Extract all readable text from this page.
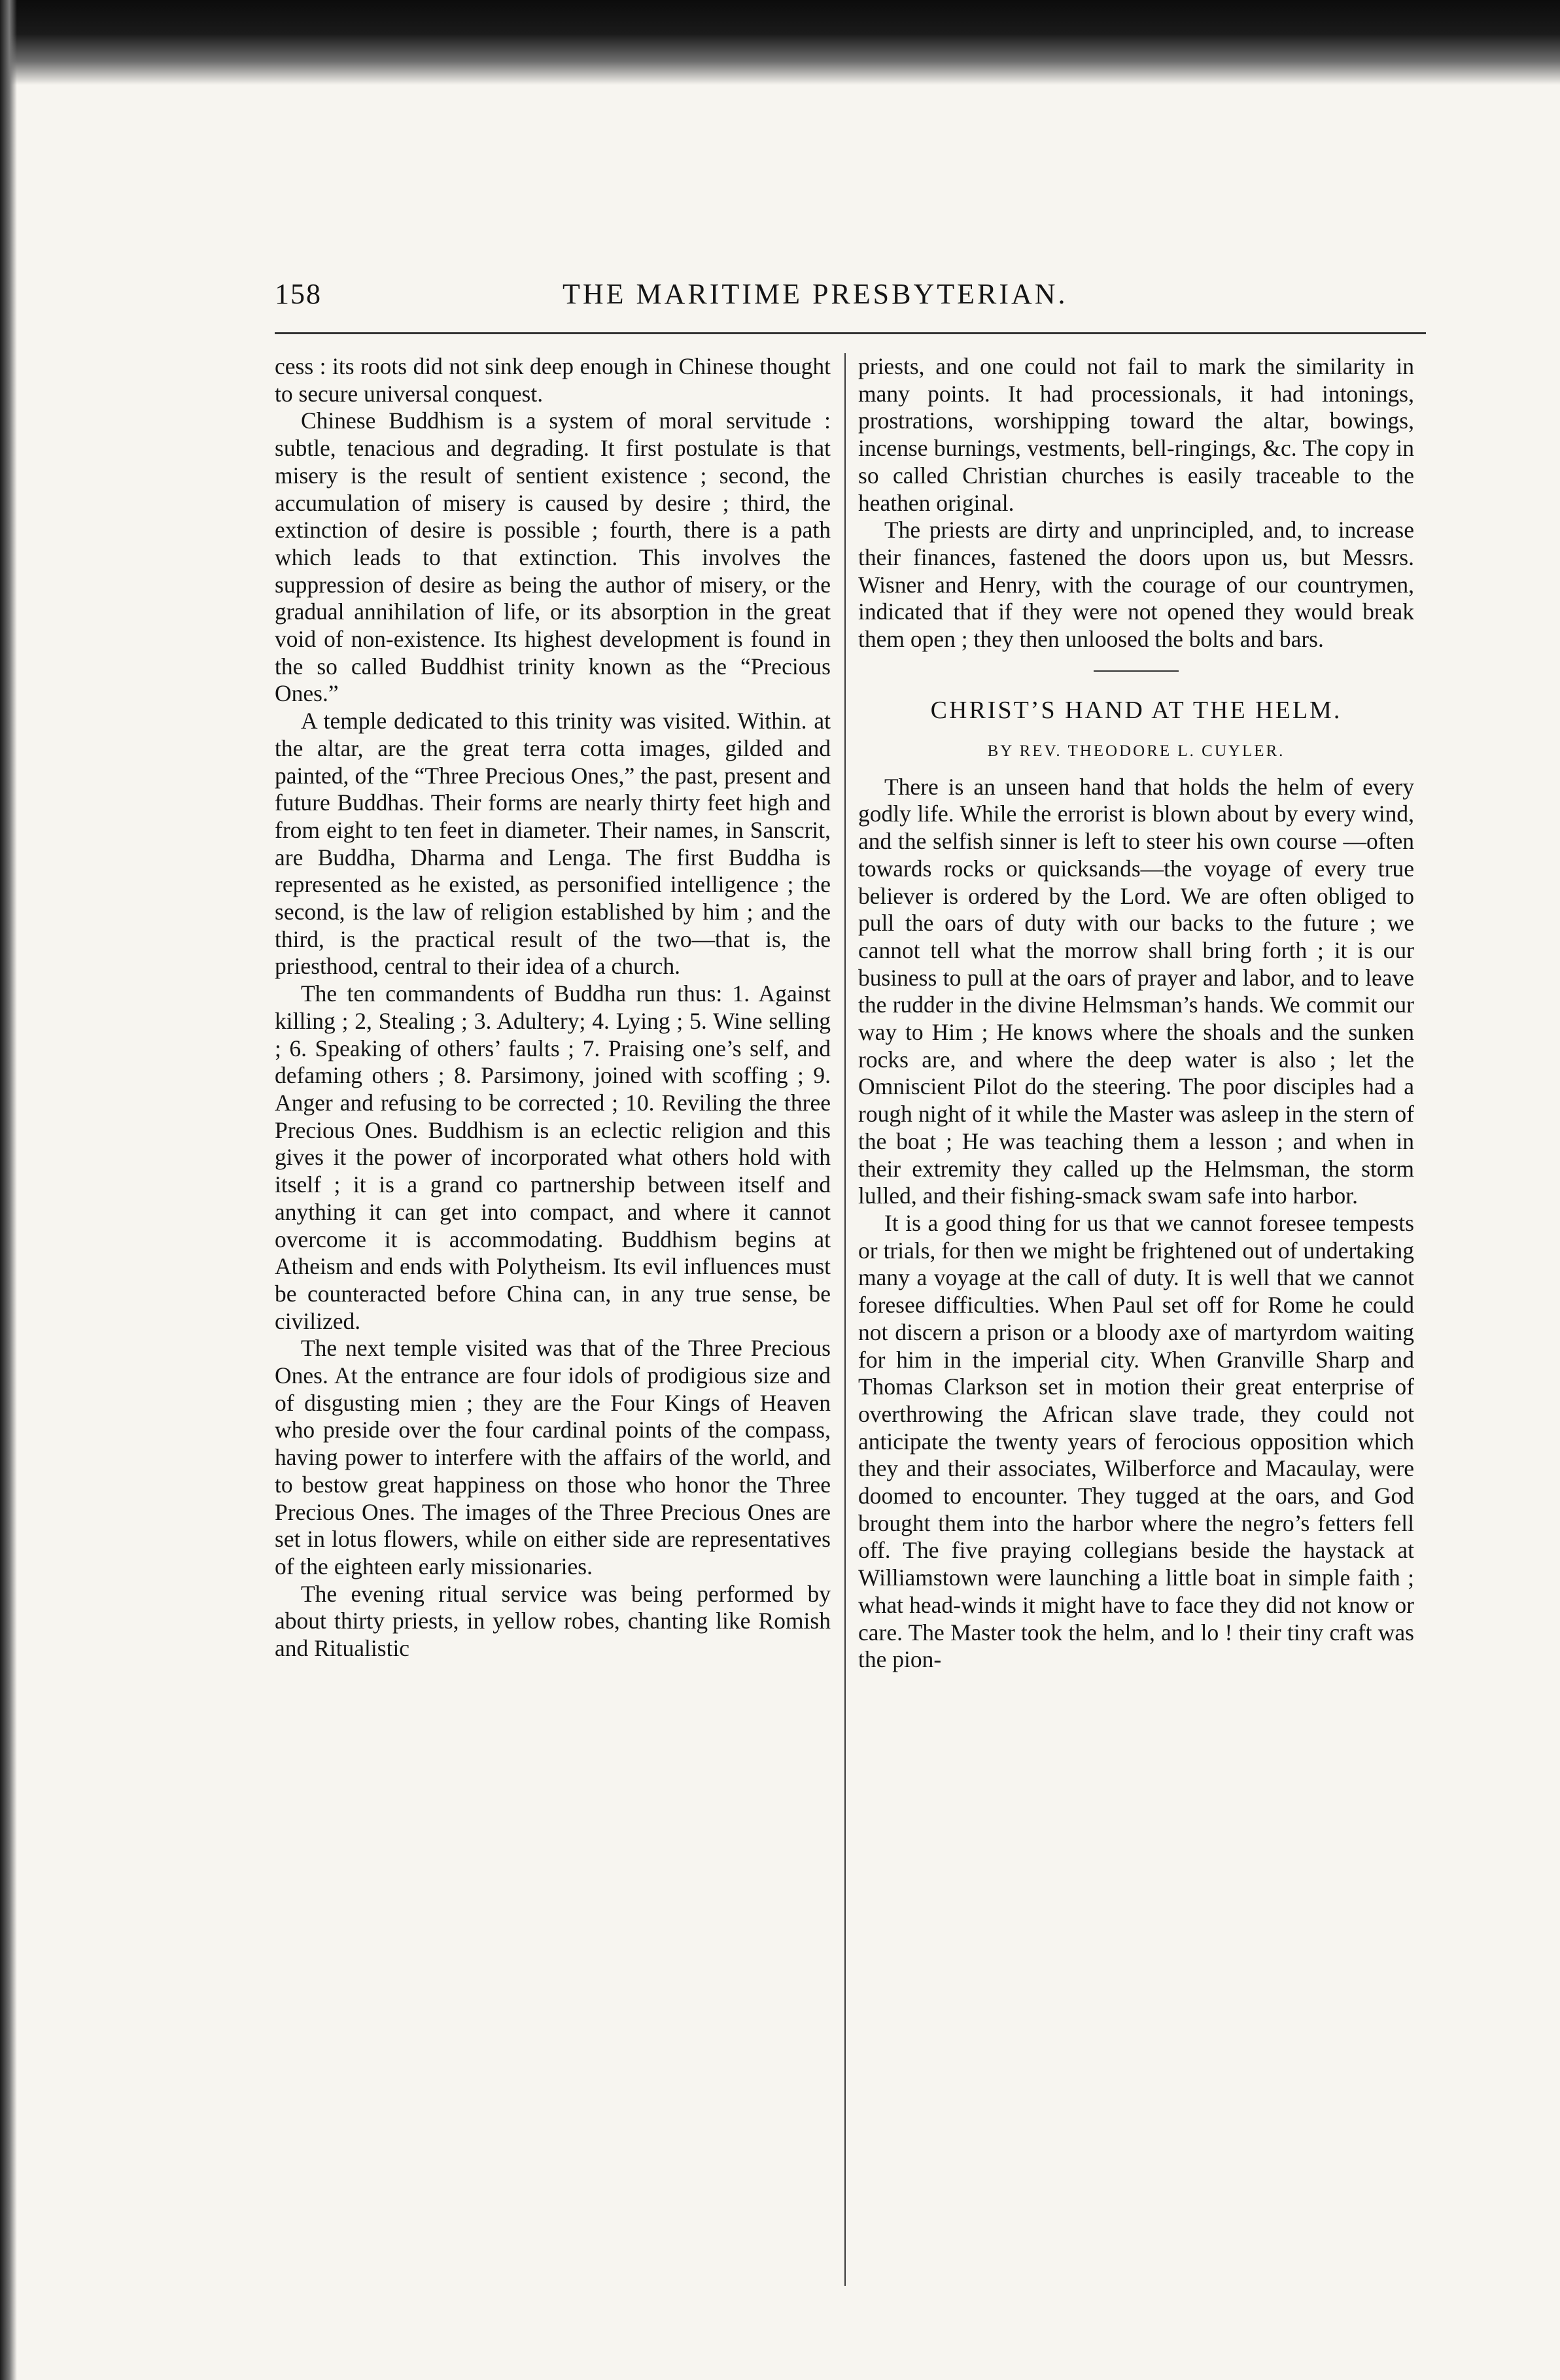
158	THE MARITIME PRESBYTERIAN.

cess : its roots did not sink deep enough in Chinese thought to secure universal conquest.

Chinese Buddhism is a system of moral servitude : subtle, tenacious and degrading. It first postulate is that misery is the result of sentient existence ; second, the accumulation of misery is caused by desire ; third, the extinction of desire is possible ; fourth, there is a path which leads to that extinction. This involves the suppression of desire as being the author of misery, or the gradual annihilation of life, or its absorption in the great void of non-existence. Its highest development is found in the so called Buddhist trinity known as the “Precious Ones.”

A temple dedicated to this trinity was visited. Within. at the altar, are the great terra cotta images, gilded and painted, of the “Three Precious Ones,” the past, present and future Buddhas. Their forms are nearly thirty feet high and from eight to ten feet in diameter. Their names, in Sanscrit, are Buddha, Dharma and Lenga. The first Buddha is represented as he existed, as personified intelligence ; the second, is the law of religion established by him ; and the third, is the practical result of the two—that is, the priesthood, central to their idea of a church.

The ten commandents of Buddha run thus: 1. Against killing ; 2, Stealing ; 3. Adultery; 4. Lying ; 5. Wine selling ; 6. Speaking of others’ faults ; 7. Praising one’s self, and defaming others ; 8. Parsimony, joined with scoffing ; 9. Anger and refusing to be corrected ; 10. Reviling the three Precious Ones. Buddhism is an eclectic religion and this gives it the power of incorporated what others hold with itself ; it is a grand co partnership between itself and anything it can get into compact, and where it cannot overcome it is accommodating. Buddhism begins at Atheism and ends with Polytheism. Its evil influences must be counteracted before China can, in any true sense, be civilized.

The next temple visited was that of the Three Precious Ones. At the entrance are four idols of prodigious size and of disgusting mien ; they are the Four Kings of Heaven who preside over the four cardinal points of the compass, having power to interfere with the affairs of the world, and to bestow great happiness on those who honor the Three Precious Ones. The images of the Three Precious Ones are set in lotus flowers, while on either side are representatives of the eighteen early missionaries.

The evening ritual service was being performed by about thirty priests, in yellow robes, chanting like Romish and Ritualistic

priests, and one could not fail to mark the similarity in many points. It had processionals, it had intonings, prostrations, worshipping toward the altar, bowings, incense burnings, vestments, bell-ringings, &c. The copy in so called Christian churches is easily traceable to the heathen original.

The priests are dirty and unprincipled, and, to increase their finances, fastened the doors upon us, but Messrs. Wisner and Henry, with the courage of our countrymen, indicated that if they were not opened they would break them open ; they then unloosed the bolts and bars.

CHRIST’S HAND AT THE HELM.
BY REV. THEODORE L. CUYLER.

There is an unseen hand that holds the helm of every godly life. While the errorist is blown about by every wind, and the selfish sinner is left to steer his own course —often towards rocks or quicksands—the voyage of every true believer is ordered by the Lord. We are often obliged to pull the oars of duty with our backs to the future ; we cannot tell what the morrow shall bring forth ; it is our business to pull at the oars of prayer and labor, and to leave the rudder in the divine Helmsman’s hands. We commit our way to Him ; He knows where the shoals and the sunken rocks are, and where the deep water is also ; let the Omniscient Pilot do the steering. The poor disciples had a rough night of it while the Master was asleep in the stern of the boat ; He was teaching them a lesson ; and when in their extremity they called up the Helmsman, the storm lulled, and their fishing-smack swam safe into harbor.

It is a good thing for us that we cannot foresee tempests or trials, for then we might be frightened out of undertaking many a voyage at the call of duty. It is well that we cannot foresee difficulties. When Paul set off for Rome he could not discern a prison or a bloody axe of martyrdom waiting for him in the imperial city. When Granville Sharp and Thomas Clarkson set in motion their great enterprise of overthrowing the African slave trade, they could not anticipate the twenty years of ferocious opposition which they and their associates, Wilberforce and Macaulay, were doomed to encounter. They tugged at the oars, and God brought them into the harbor where the negro’s fetters fell off. The five praying collegians beside the haystack at Williamstown were launching a little boat in simple faith ; what head-winds it might have to face they did not know or care. The Master took the helm, and lo ! their tiny craft was the pion-
